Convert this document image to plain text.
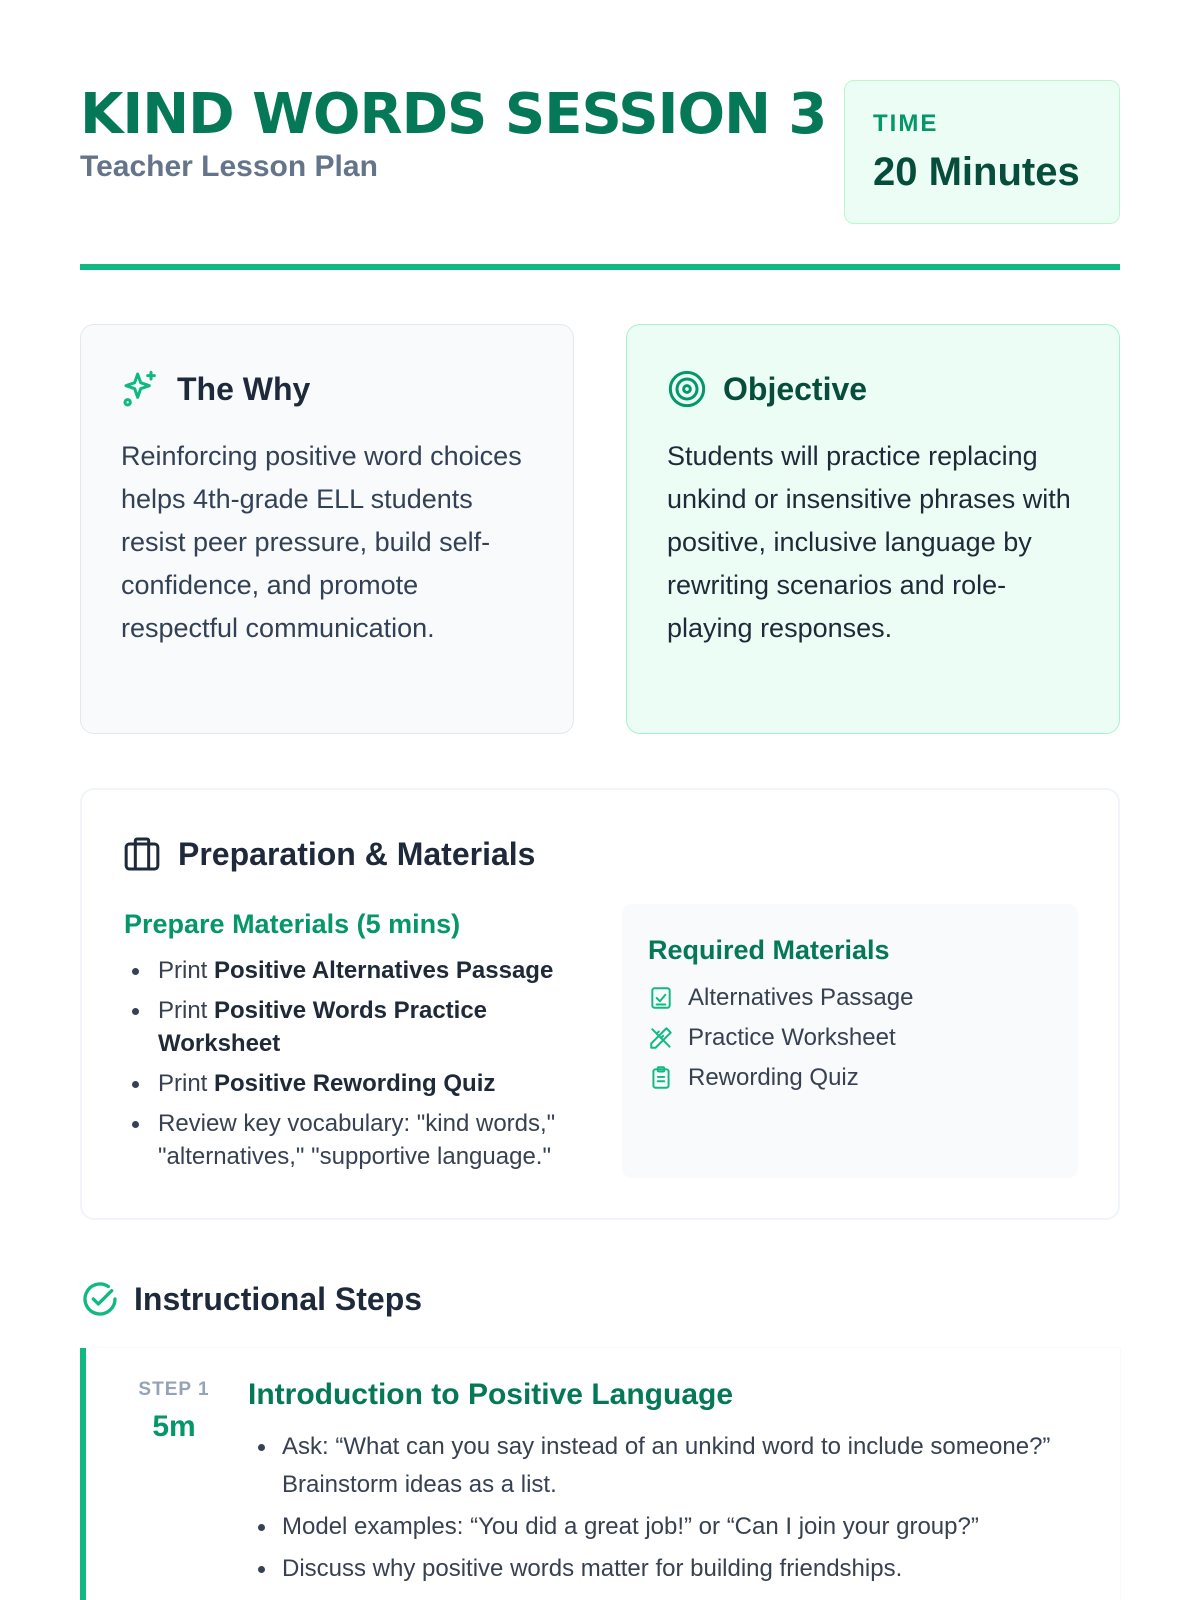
KIND WORDS SESSION 3
Teacher Lesson Plan
TIME
20 Minutes
The Why

Reinforcing positive word choices helps 4th-grade ELL students resist peer pressure, build self-confidence, and promote respectful communication.

Objective

Students will practice replacing unkind or insensitive phrases with positive, inclusive language by rewriting scenarios and role-playing responses.

Preparation & Materials
Prepare Materials (5 mins)
Print Positive Alternatives Passage
Print Positive Words Practice Worksheet
Print Positive Rewording Quiz
Review key vocabulary: "kind words," "alternatives," "supportive language."
Required Materials
Alternatives Passage
Practice Worksheet
Rewording Quiz
Instructional Steps
STEP 1
5m
Introduction to Positive Language
Ask: “What can you say instead of an unkind word to include someone?” Brainstorm ideas as a list.
Model examples: “You did a great job!” or “Can I join your group?”
Discuss why positive words matter for building friendships.
